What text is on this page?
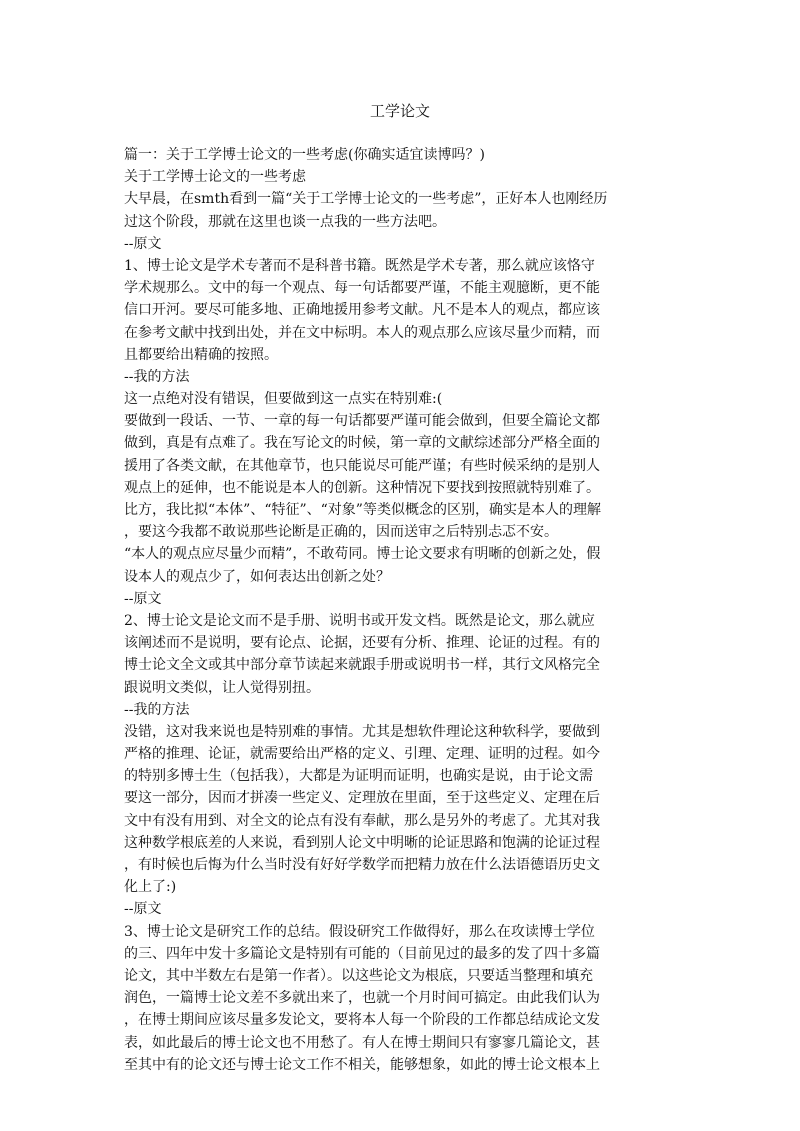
工学论文
篇一：关于工学博士论文的一些考虑(你确实适宜读博吗？)
关于工学博士论文的一些考虑
大早晨，在smth看到一篇“关于工学博士论文的一些考虑”，正好本人也刚经历
过这个阶段，那就在这里也谈一点我的一些方法吧。
--原文
1、博士论文是学术专著而不是科普书籍。既然是学术专著，那么就应该恪守
学术规那么。文中的每一个观点、每一句话都要严谨，不能主观臆断，更不能
信口开河。要尽可能多地、正确地援用参考文献。凡不是本人的观点，都应该
在参考文献中找到出处，并在文中标明。本人的观点那么应该尽量少而精，而
且都要给出精确的按照。
--我的方法
这一点绝对没有错误，但要做到这一点实在特别难:(
要做到一段话、一节、一章的每一句话都要严谨可能会做到，但要全篇论文都
做到，真是有点难了。我在写论文的时候，第一章的文献综述部分严格全面的
援用了各类文献，在其他章节，也只能说尽可能严谨；有些时候采纳的是别人
观点上的延伸，也不能说是本人的创新。这种情况下要找到按照就特别难了。
比方，我比拟“本体”、“特征”、“对象”等类似概念的区别，确实是本人的理解
，要这今我都不敢说那些论断是正确的，因而送审之后特别忐忑不安。
“本人的观点应尽量少而精”，不敢苟同。博士论文要求有明晰的创新之处，假
设本人的观点少了，如何表达出创新之处？
--原文
2、博士论文是论文而不是手册、说明书或开发文档。既然是论文，那么就应
该阐述而不是说明，要有论点、论据，还要有分析、推理、论证的过程。有的
博士论文全文或其中部分章节读起来就跟手册或说明书一样，其行文风格完全
跟说明文类似，让人觉得别扭。
--我的方法
没错，这对我来说也是特别难的事情。尤其是想软件理论这种软科学，要做到
严格的推理、论证，就需要给出严格的定义、引理、定理、证明的过程。如今
的特别多博士生（包括我），大都是为证明而证明，也确实是说，由于论文需
要这一部分，因而才拼凑一些定义、定理放在里面，至于这些定义、定理在后
文中有没有用到、对全文的论点有没有奉献，那么是另外的考虑了。尤其对我
这种数学根底差的人来说，看到别人论文中明晰的论证思路和饱满的论证过程
，有时候也后悔为什么当时没有好好学数学而把精力放在什么法语德语历史文
化上了:)
--原文
3、博士论文是研究工作的总结。假设研究工作做得好，那么在攻读博士学位
的三、四年中发十多篇论文是特别有可能的（目前见过的最多的发了四十多篇
论文，其中半数左右是第一作者）。以这些论文为根底，只要适当整理和填充
润色，一篇博士论文差不多就出来了，也就一个月时间可搞定。由此我们认为
，在博士期间应该尽量多发论文，要将本人每一个阶段的工作都总结成论文发
表，如此最后的博士论文也不用愁了。有人在博士期间只有寥寥几篇论文，甚
至其中有的论文还与博士论文工作不相关，能够想象，如此的博士论文根本上
